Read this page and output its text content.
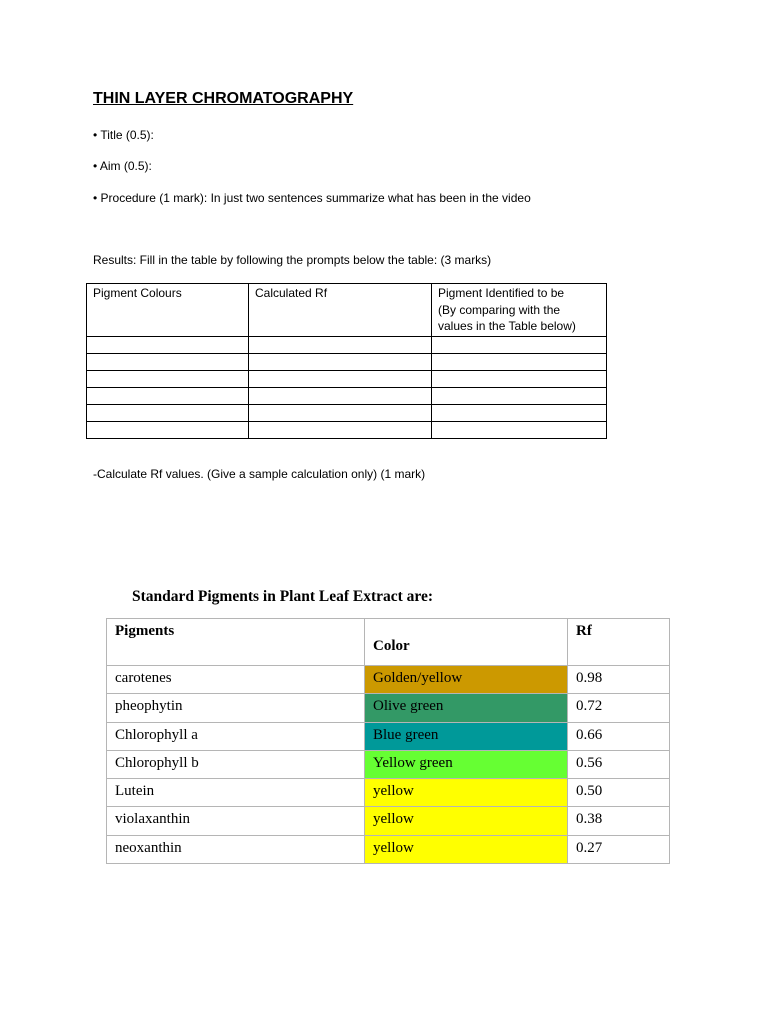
THIN LAYER CHROMATOGRAPHY
• Title (0.5):
• Aim (0.5):
• Procedure (1 mark): In just two sentences summarize what has been in the video
Results: Fill in the table by following the prompts below the table: (3 marks)
Pigment Colours	Calculated Rf	Pigment Identified to be
(By comparing with the
values in the Table below)

-Calculate Rf values. (Give a sample calculation only) (1 mark)
Standard Pigments in Plant Leaf Extract are:
Pigments	Color	Rf
carotenes	Golden/yellow	0.98
pheophytin	Olive green	0.72
Chlorophyll a	Blue green	0.66
Chlorophyll b	Yellow green	0.56
Lutein	yellow	0.50
violaxanthin	yellow	0.38
neoxanthin	yellow	0.27
